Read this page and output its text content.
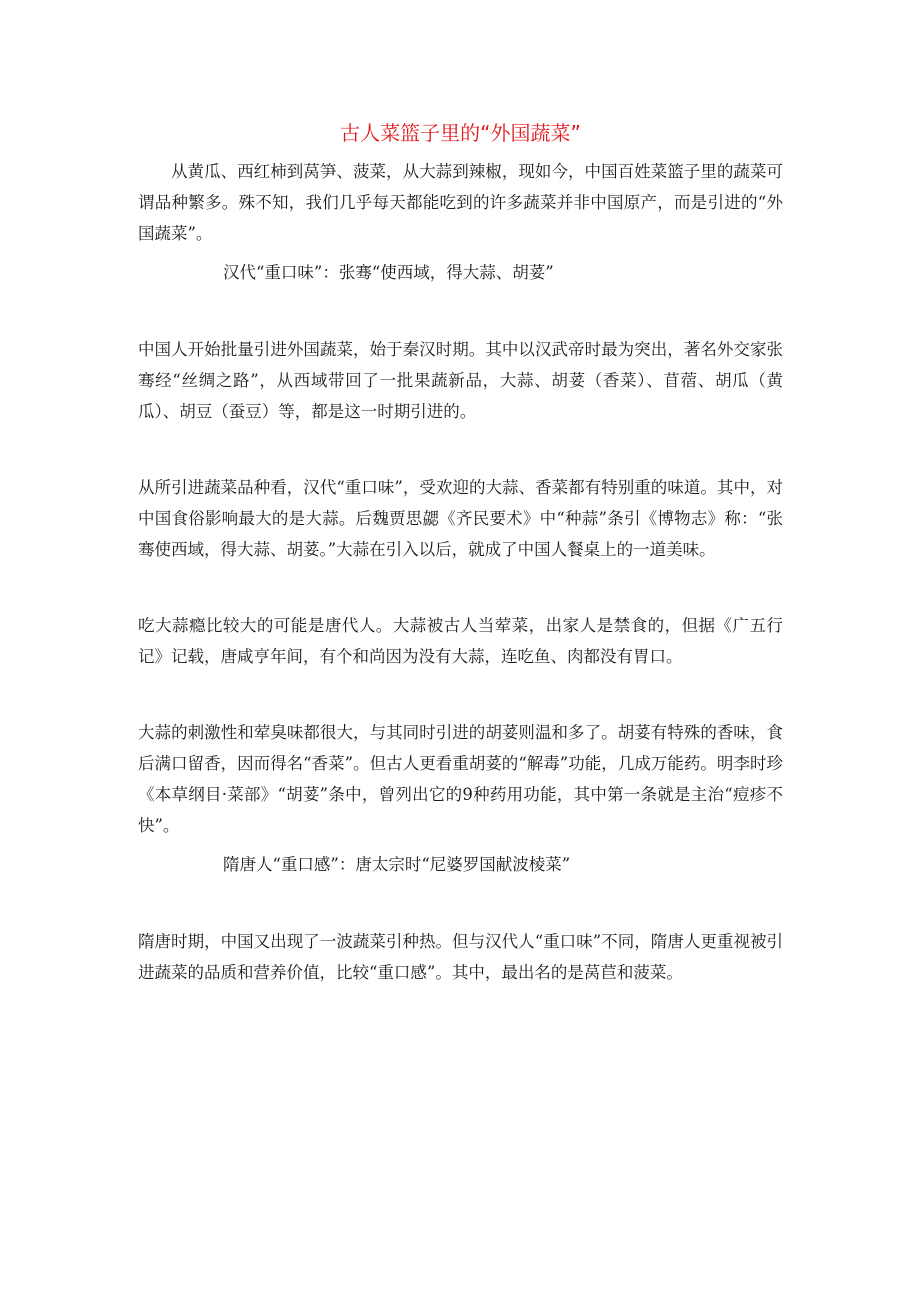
古人菜篮子里的“外国蔬菜”

从黄瓜、西红柿到莴笋、菠菜，从大蒜到辣椒，现如今，中国百姓菜篮子里的蔬菜可谓品种繁多。殊不知，我们几乎每天都能吃到的许多蔬菜并非中国原产，而是引进的“外国蔬菜”。

汉代“重口味”：张骞“使西域，得大蒜、胡荽”

中国人开始批量引进外国蔬菜，始于秦汉时期。其中以汉武帝时最为突出，著名外交家张骞经“丝绸之路”，从西域带回了一批果蔬新品，大蒜、胡荽（香菜）、苜蓿、胡瓜（黄瓜）、胡豆（蚕豆）等，都是这一时期引进的。

从所引进蔬菜品种看，汉代“重口味”，受欢迎的大蒜、香菜都有特别重的味道。其中，对中国食俗影响最大的是大蒜。后魏贾思勰《齐民要术》中“种蒜”条引《博物志》称：“张骞使西域，得大蒜、胡荽。”大蒜在引入以后，就成了中国人餐桌上的一道美味。

吃大蒜瘾比较大的可能是唐代人。大蒜被古人当荤菜，出家人是禁食的，但据《广五行记》记载，唐咸亨年间，有个和尚因为没有大蒜，连吃鱼、肉都没有胃口。

大蒜的刺激性和荤臭味都很大，与其同时引进的胡荽则温和多了。胡荽有特殊的香味，食后满口留香，因而得名“香菜”。但古人更看重胡荽的“解毒”功能，几成万能药。明李时珍《本草纲目·菜部》“胡荽”条中，曾列出它的9种药用功能，其中第一条就是主治“痘疹不快”。

隋唐人“重口感”：唐太宗时“尼婆罗国献波棱菜”

隋唐时期，中国又出现了一波蔬菜引种热。但与汉代人“重口味”不同，隋唐人更重视被引进蔬菜的品质和营养价值，比较“重口感”。其中，最出名的是莴苣和菠菜。
